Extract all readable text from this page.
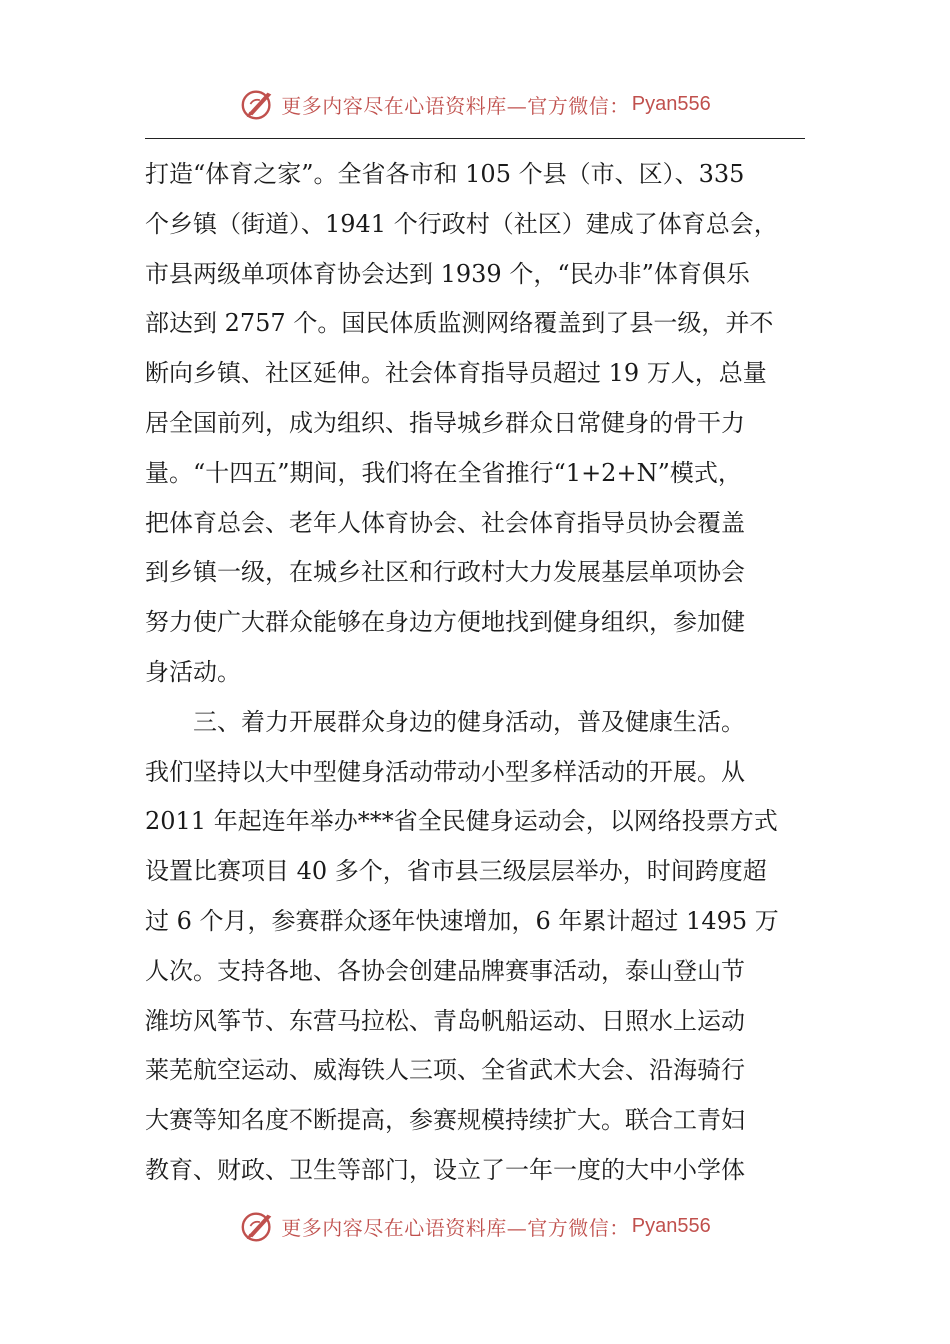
更多内容尽在心语资料库—官方微信： Pyan556
打造“体育之家”。全省各市和 105 个县（市、区）、335
个乡镇（街道）、1941 个行政村（社区）建成了体育总会，
市县两级单项体育协会达到 1939 个，“民办非”体育俱乐
部达到 2757 个。国民体质监测网络覆盖到了县一级，并不
断向乡镇、社区延伸。社会体育指导员超过 19 万人，总量
居全国前列，成为组织、指导城乡群众日常健身的骨干力
量。“十四五”期间，我们将在全省推行“1+2+N”模式，
把体育总会、老年人体育协会、社会体育指导员协会覆盖
到乡镇一级，在城乡社区和行政村大力发展基层单项协会
努力使广大群众能够在身边方便地找到健身组织，参加健
身活动。
三、着力开展群众身边的健身活动，普及健康生活。
我们坚持以大中型健身活动带动小型多样活动的开展。从
2011 年起连年举办***省全民健身运动会，以网络投票方式
设置比赛项目 40 多个，省市县三级层层举办，时间跨度超
过 6 个月，参赛群众逐年快速增加，6 年累计超过 1495 万
人次。支持各地、各协会创建品牌赛事活动，泰山登山节
潍坊风筝节、东营马拉松、青岛帆船运动、日照水上运动
莱芜航空运动、威海铁人三项、全省武术大会、沿海骑行
大赛等知名度不断提高，参赛规模持续扩大。联合工青妇
教育、财政、卫生等部门，设立了一年一度的大中小学体
更多内容尽在心语资料库—官方微信： Pyan556
